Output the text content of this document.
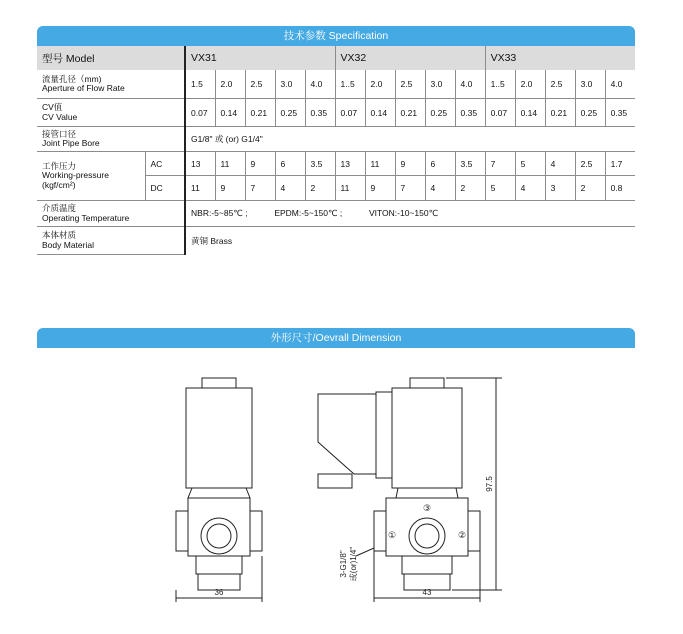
技术参数 Specification
型号 Model		VX31					VX32					VX33				

流量孔径（mm)
Aperture of Flow Rate		1.5	2.0	2.5	3.0	4.0	1..5	2.0	2.5	3.0	4.0	1..5	2.0	2.5	3.0	4.0

CV值
CV Value		0.07	0.14	0.21	0.25	0.35	0.07	0.14	0.21	0.25	0.35	0.07	0.14	0.21	0.25	0.35

接管口径
Joint Pipe Bore		G1/8" 或 (or) G1/4"														

工作压力
Working-pressure
(kgf/cm²)	AC	13	11	9	6	3.5	13	11	9	6	3.5	7	5	4	2.5	1.7
	DC	11	9	7	4	2	11	9	7	4	2	5	4	3	2	0.8

介质温度
Operating Temperature		NBR:-5~85℃ ; EPDM:-5~150℃ ; VITON:-10~150℃														

本体材质
Body Material		黄铜 Brass														
外形尺寸/Oevrall Dimension
36	43
97.5
3-G1/8" 或(or)1/4"
①	②
③
